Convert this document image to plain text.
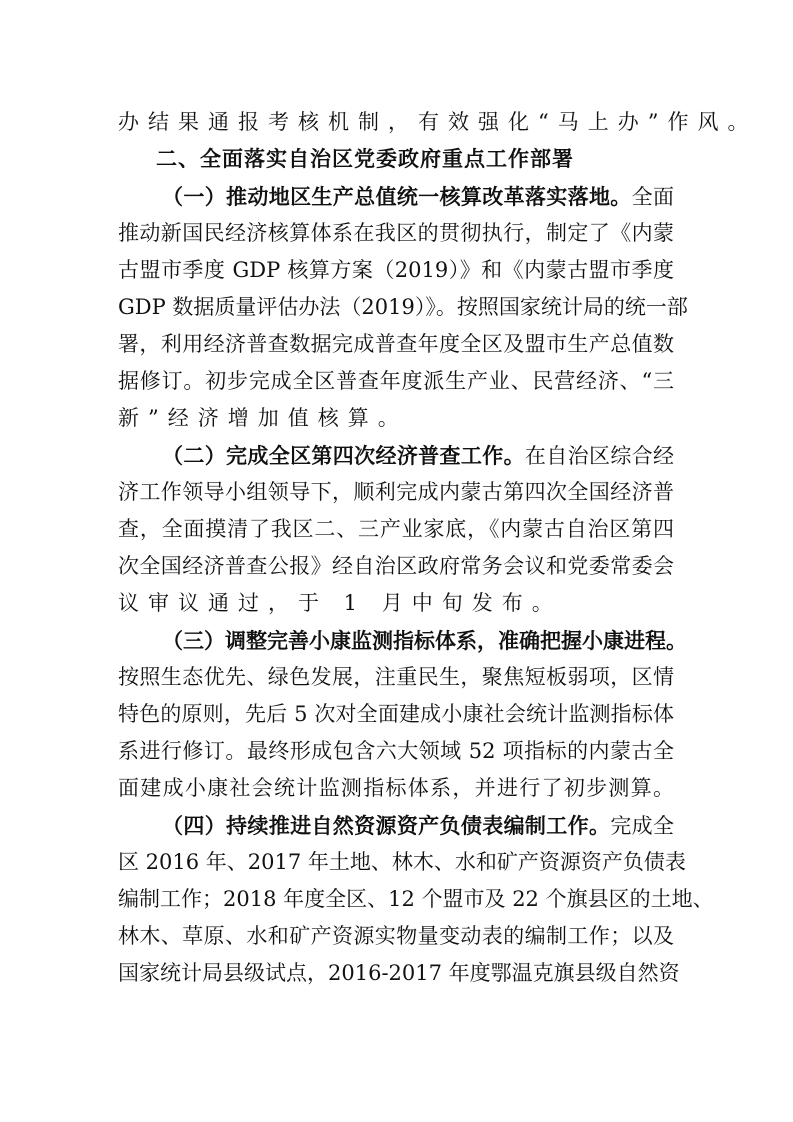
办结果通报考核机制，有效强化“马上办”作风。
二、全面落实自治区党委政府重点工作部署
（一）推动地区生产总值统一核算改革落实落地。全面
推动新国民经济核算体系在我区的贯彻执行，制定了《内蒙
古盟市季度 GDP 核算方案（2019）》和《内蒙古盟市季度
GDP 数据质量评估办法（2019）》。按照国家统计局的统一部
署，利用经济普查数据完成普查年度全区及盟市生产总值数
据修订。初步完成全区普查年度派生产业、民营经济、“三
新”经济增加值核算。
（二）完成全区第四次经济普查工作。在自治区综合经
济工作领导小组领导下，顺利完成内蒙古第四次全国经济普
查，全面摸清了我区二、三产业家底，《内蒙古自治区第四
次全国经济普查公报》经自治区政府常务会议和党委常委会
议审议通过，于 1 月中旬发布。
（三）调整完善小康监测指标体系，准确把握小康进程。
按照生态优先、绿色发展，注重民生，聚焦短板弱项，区情
特色的原则，先后 5 次对全面建成小康社会统计监测指标体
系进行修订。最终形成包含六大领域 52 项指标的内蒙古全
面建成小康社会统计监测指标体系，并进行了初步测算。
（四）持续推进自然资源资产负债表编制工作。完成全
区 2016 年、2017 年土地、林木、水和矿产资源资产负债表
编制工作；2018 年度全区、12 个盟市及 22 个旗县区的土地、
林木、草原、水和矿产资源实物量变动表的编制工作；以及
国家统计局县级试点，2016-2017 年度鄂温克旗县级自然资
